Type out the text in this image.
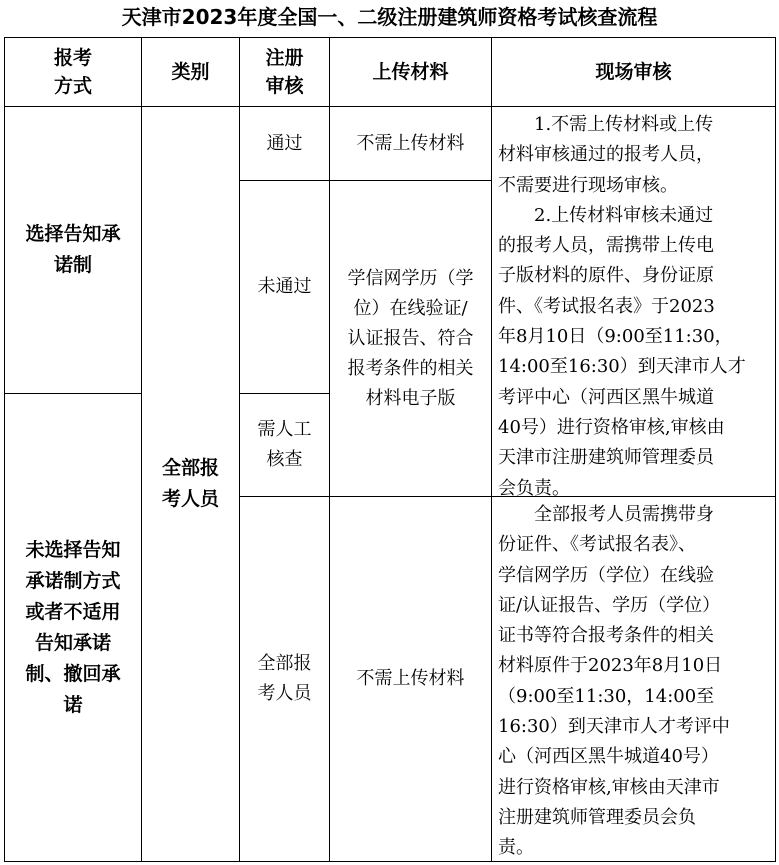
天津市2023年度全国一、二级注册建筑师资格考试核查流程
报考
方式
类别
注册
审核
上传材料	现场审核
选择告知承
诺制
未选择告知
承诺制方式
或者不适用
告知承诺
制、撤回承
诺
全部报
考人员
通过
未通过
需人工
核查
全部报
考人员
不需上传材料
学信网学历（学
位）在线验证/
认证报告、符合
报考条件的相关
材料电子版
不需上传材料
　　1.不需上传材料或上传
材料审核通过的报考人员，
不需要进行现场审核。
　　2.上传材料审核未通过
的报考人员，需携带上传电
子版材料的原件、身份证原
件、《考试报名表》于2023
年8月10日（9:00至11:30，
14:00至16:30）到天津市人才
考评中心（河西区黑牛城道
40号）进行资格审核,审核由
天津市注册建筑师管理委员
会负责。
　　全部报考人员需携带身
份证件、《考试报名表》、
学信网学历（学位）在线验
证/认证报告、学历（学位）
证书等符合报考条件的相关
材料原件于2023年8月10日
（9:00至11:30，14:00至
16:30）到天津市人才考评中
心（河西区黑牛城道40号）
进行资格审核,审核由天津市
注册建筑师管理委员会负
责。
